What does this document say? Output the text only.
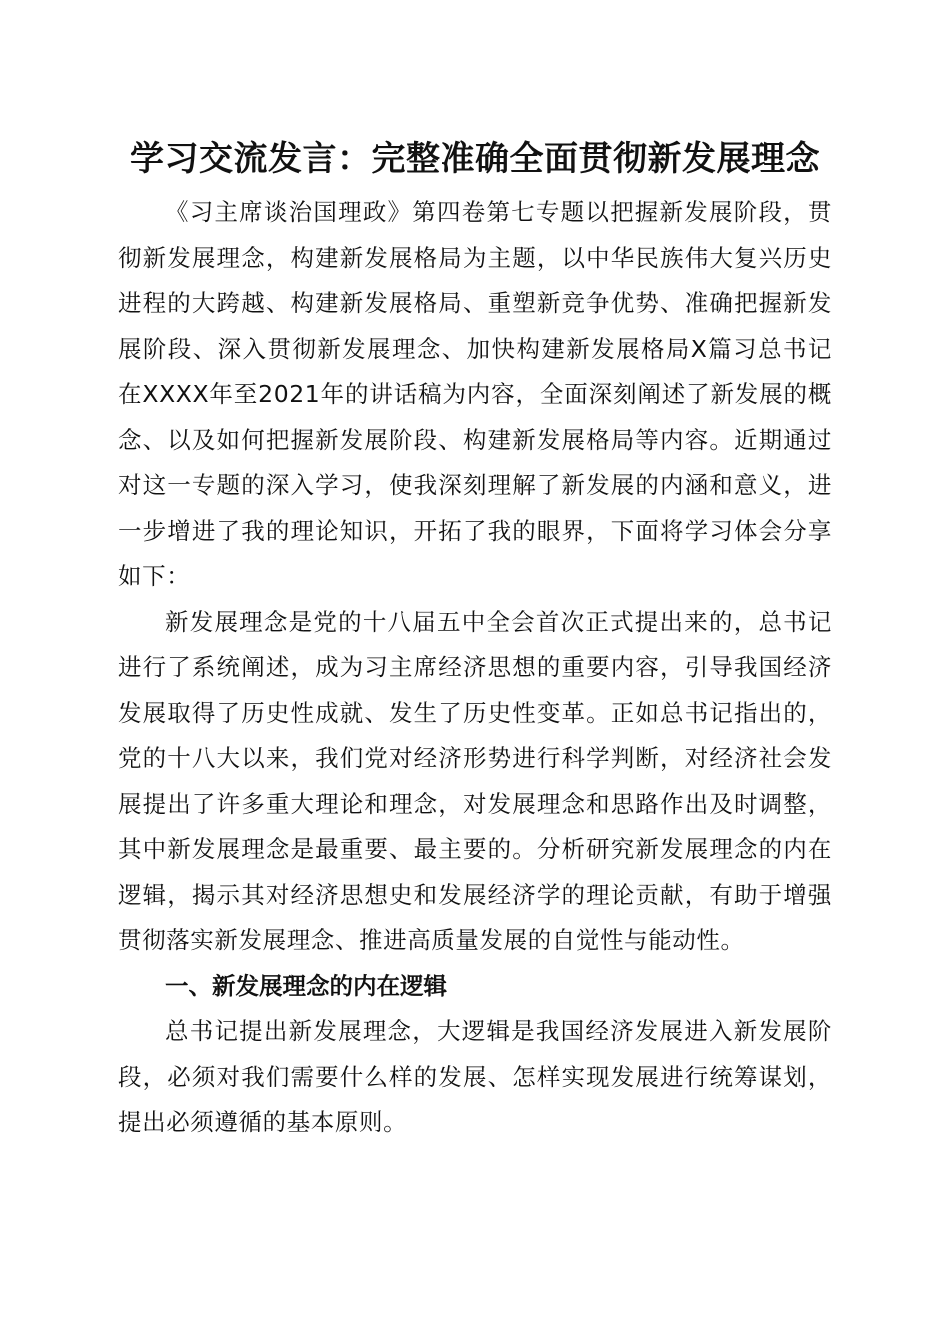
学习交流发言：完整准确全面贯彻新发展理念

《习主席谈治国理政》第四卷第七专题以把握新发展阶段，贯彻新发展理念，构建新发展格局为主题，以中华民族伟大复兴历史进程的大跨越、构建新发展格局、重塑新竞争优势、准确把握新发展阶段、深入贯彻新发展理念、加快构建新发展格局X篇习总书记在XXXX年至2021年的讲话稿为内容，全面深刻阐述了新发展的概念、以及如何把握新发展阶段、构建新发展格局等内容。近期通过对这一专题的深入学习，使我深刻理解了新发展的内涵和意义，进一步增进了我的理论知识，开拓了我的眼界，下面将学习体会分享如下：

新发展理念是党的十八届五中全会首次正式提出来的，总书记进行了系统阐述，成为习主席经济思想的重要内容，引导我国经济发展取得了历史性成就、发生了历史性变革。正如总书记指出的，党的十八大以来，我们党对经济形势进行科学判断，对经济社会发展提出了许多重大理论和理念，对发展理念和思路作出及时调整，其中新发展理念是最重要、最主要的。分析研究新发展理念的内在逻辑，揭示其对经济思想史和发展经济学的理论贡献，有助于增强贯彻落实新发展理念、推进高质量发展的自觉性与能动性。

一、新发展理念的内在逻辑

总书记提出新发展理念，大逻辑是我国经济发展进入新发展阶段，必须对我们需要什么样的发展、怎样实现发展进行统筹谋划，提出必须遵循的基本原则。
